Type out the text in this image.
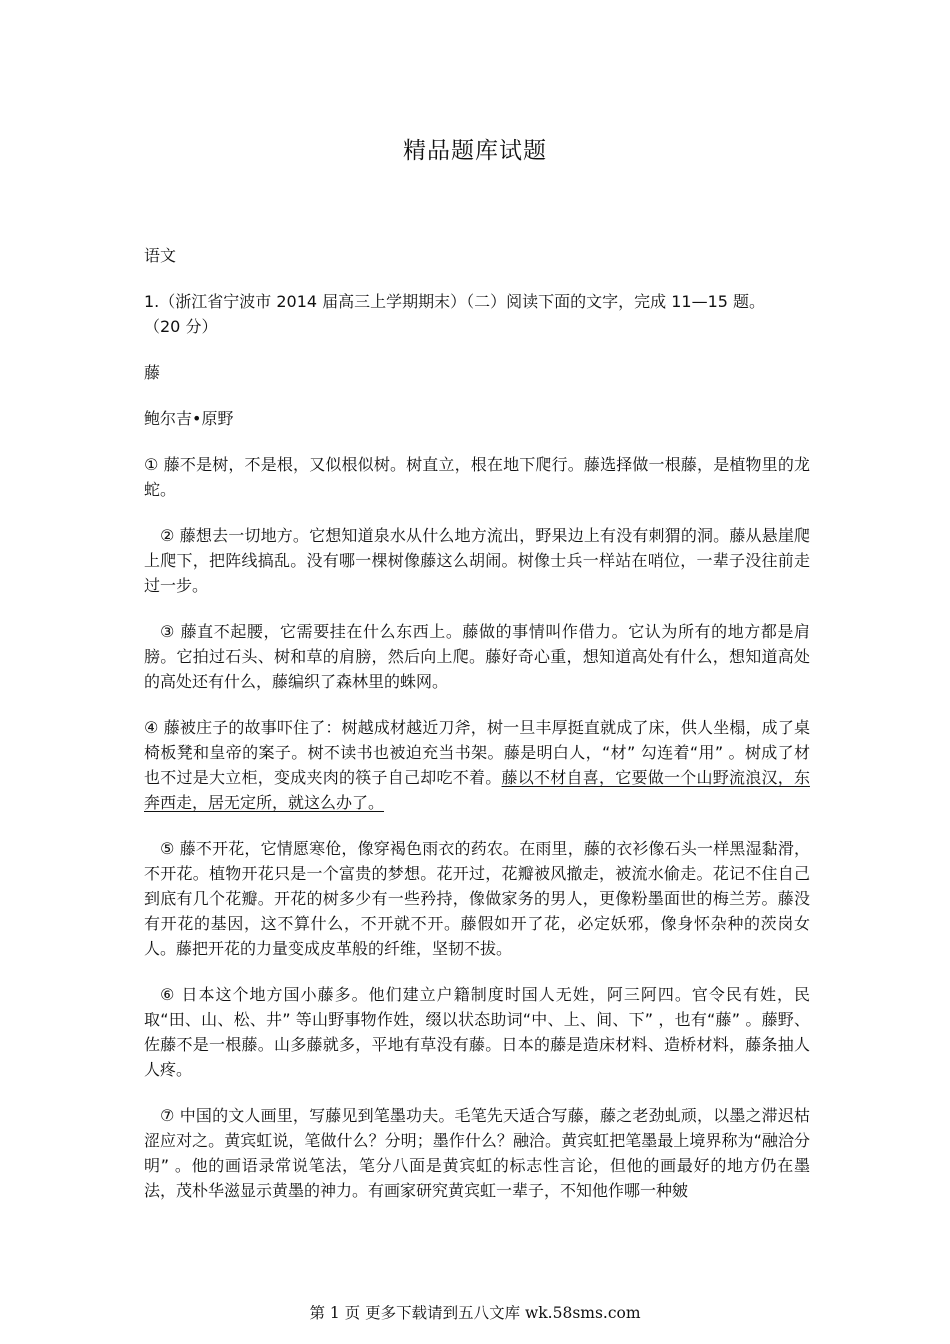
精品题库试题

语文

1.（浙江省宁波市 2014 届高三上学期期末）（二）阅读下面的文字，完成 11—15 题。
（20 分）

藤

鲍尔吉•原野

① 藤不是树，不是根，又似根似树。树直立，根在地下爬行。藤选择做一根藤，是植物里的龙蛇。

② 藤想去一切地方。它想知道泉水从什么地方流出，野果边上有没有刺猬的洞。藤从悬崖爬上爬下，把阵线搞乱。没有哪一棵树像藤这么胡闹。树像士兵一样站在哨位，一辈子没往前走过一步。

③ 藤直不起腰，它需要挂在什么东西上。藤做的事情叫作借力。它认为所有的地方都是肩膀。它拍过石头、树和草的肩膀，然后向上爬。藤好奇心重，想知道高处有什么，想知道高处的高处还有什么，藤编织了森林里的蛛网。

④ 藤被庄子的故事吓住了：树越成材越近刀斧，树一旦丰厚挺直就成了床，供人坐榻，成了桌椅板凳和皇帝的案子。树不读书也被迫充当书架。藤是明白人，“材” 勾连着“用” 。树成了材也不过是大立柜，变成夹肉的筷子自己却吃不着。藤以不材自喜，它要做一个山野流浪汉，东奔西走，居无定所，就这么办了。

⑤ 藤不开花，它情愿寒伧，像穿褐色雨衣的药农。在雨里，藤的衣衫像石头一样黑湿黏滑，不开花。植物开花只是一个富贵的梦想。花开过，花瓣被风撤走，被流水偷走。花记不住自己到底有几个花瓣。开花的树多少有一些矜持，像做家务的男人，更像粉墨面世的梅兰芳。藤没有开花的基因，这不算什么，不开就不开。藤假如开了花，必定妖邪，像身怀杂种的茨岗女人。藤把开花的力量变成皮革般的纤维，坚韧不拔。

⑥ 日本这个地方国小藤多。他们建立户籍制度时国人无姓，阿三阿四。官令民有姓，民取“田、山、松、井” 等山野事物作姓，缀以状态助词“中、上、间、下” ，也有“藤” 。藤野、佐藤不是一根藤。山多藤就多，平地有草没有藤。日本的藤是造床材料、造桥材料，藤条抽人人疼。

⑦ 中国的文人画里，写藤见到笔墨功夫。毛笔先天适合写藤，藤之老劲虬顽，以墨之滞迟枯涩应对之。黄宾虹说，笔做什么？分明；墨作什么？融洽。黄宾虹把笔墨最上境界称为“融洽分明” 。他的画语录常说笔法，笔分八面是黄宾虹的标志性言论，但他的画最好的地方仍在墨法，茂朴华滋显示黄墨的神力。有画家研究黄宾虹一辈子，不知他作哪一种皴

第 1 页 更多下载请到五八文库 wk.58sms.com
